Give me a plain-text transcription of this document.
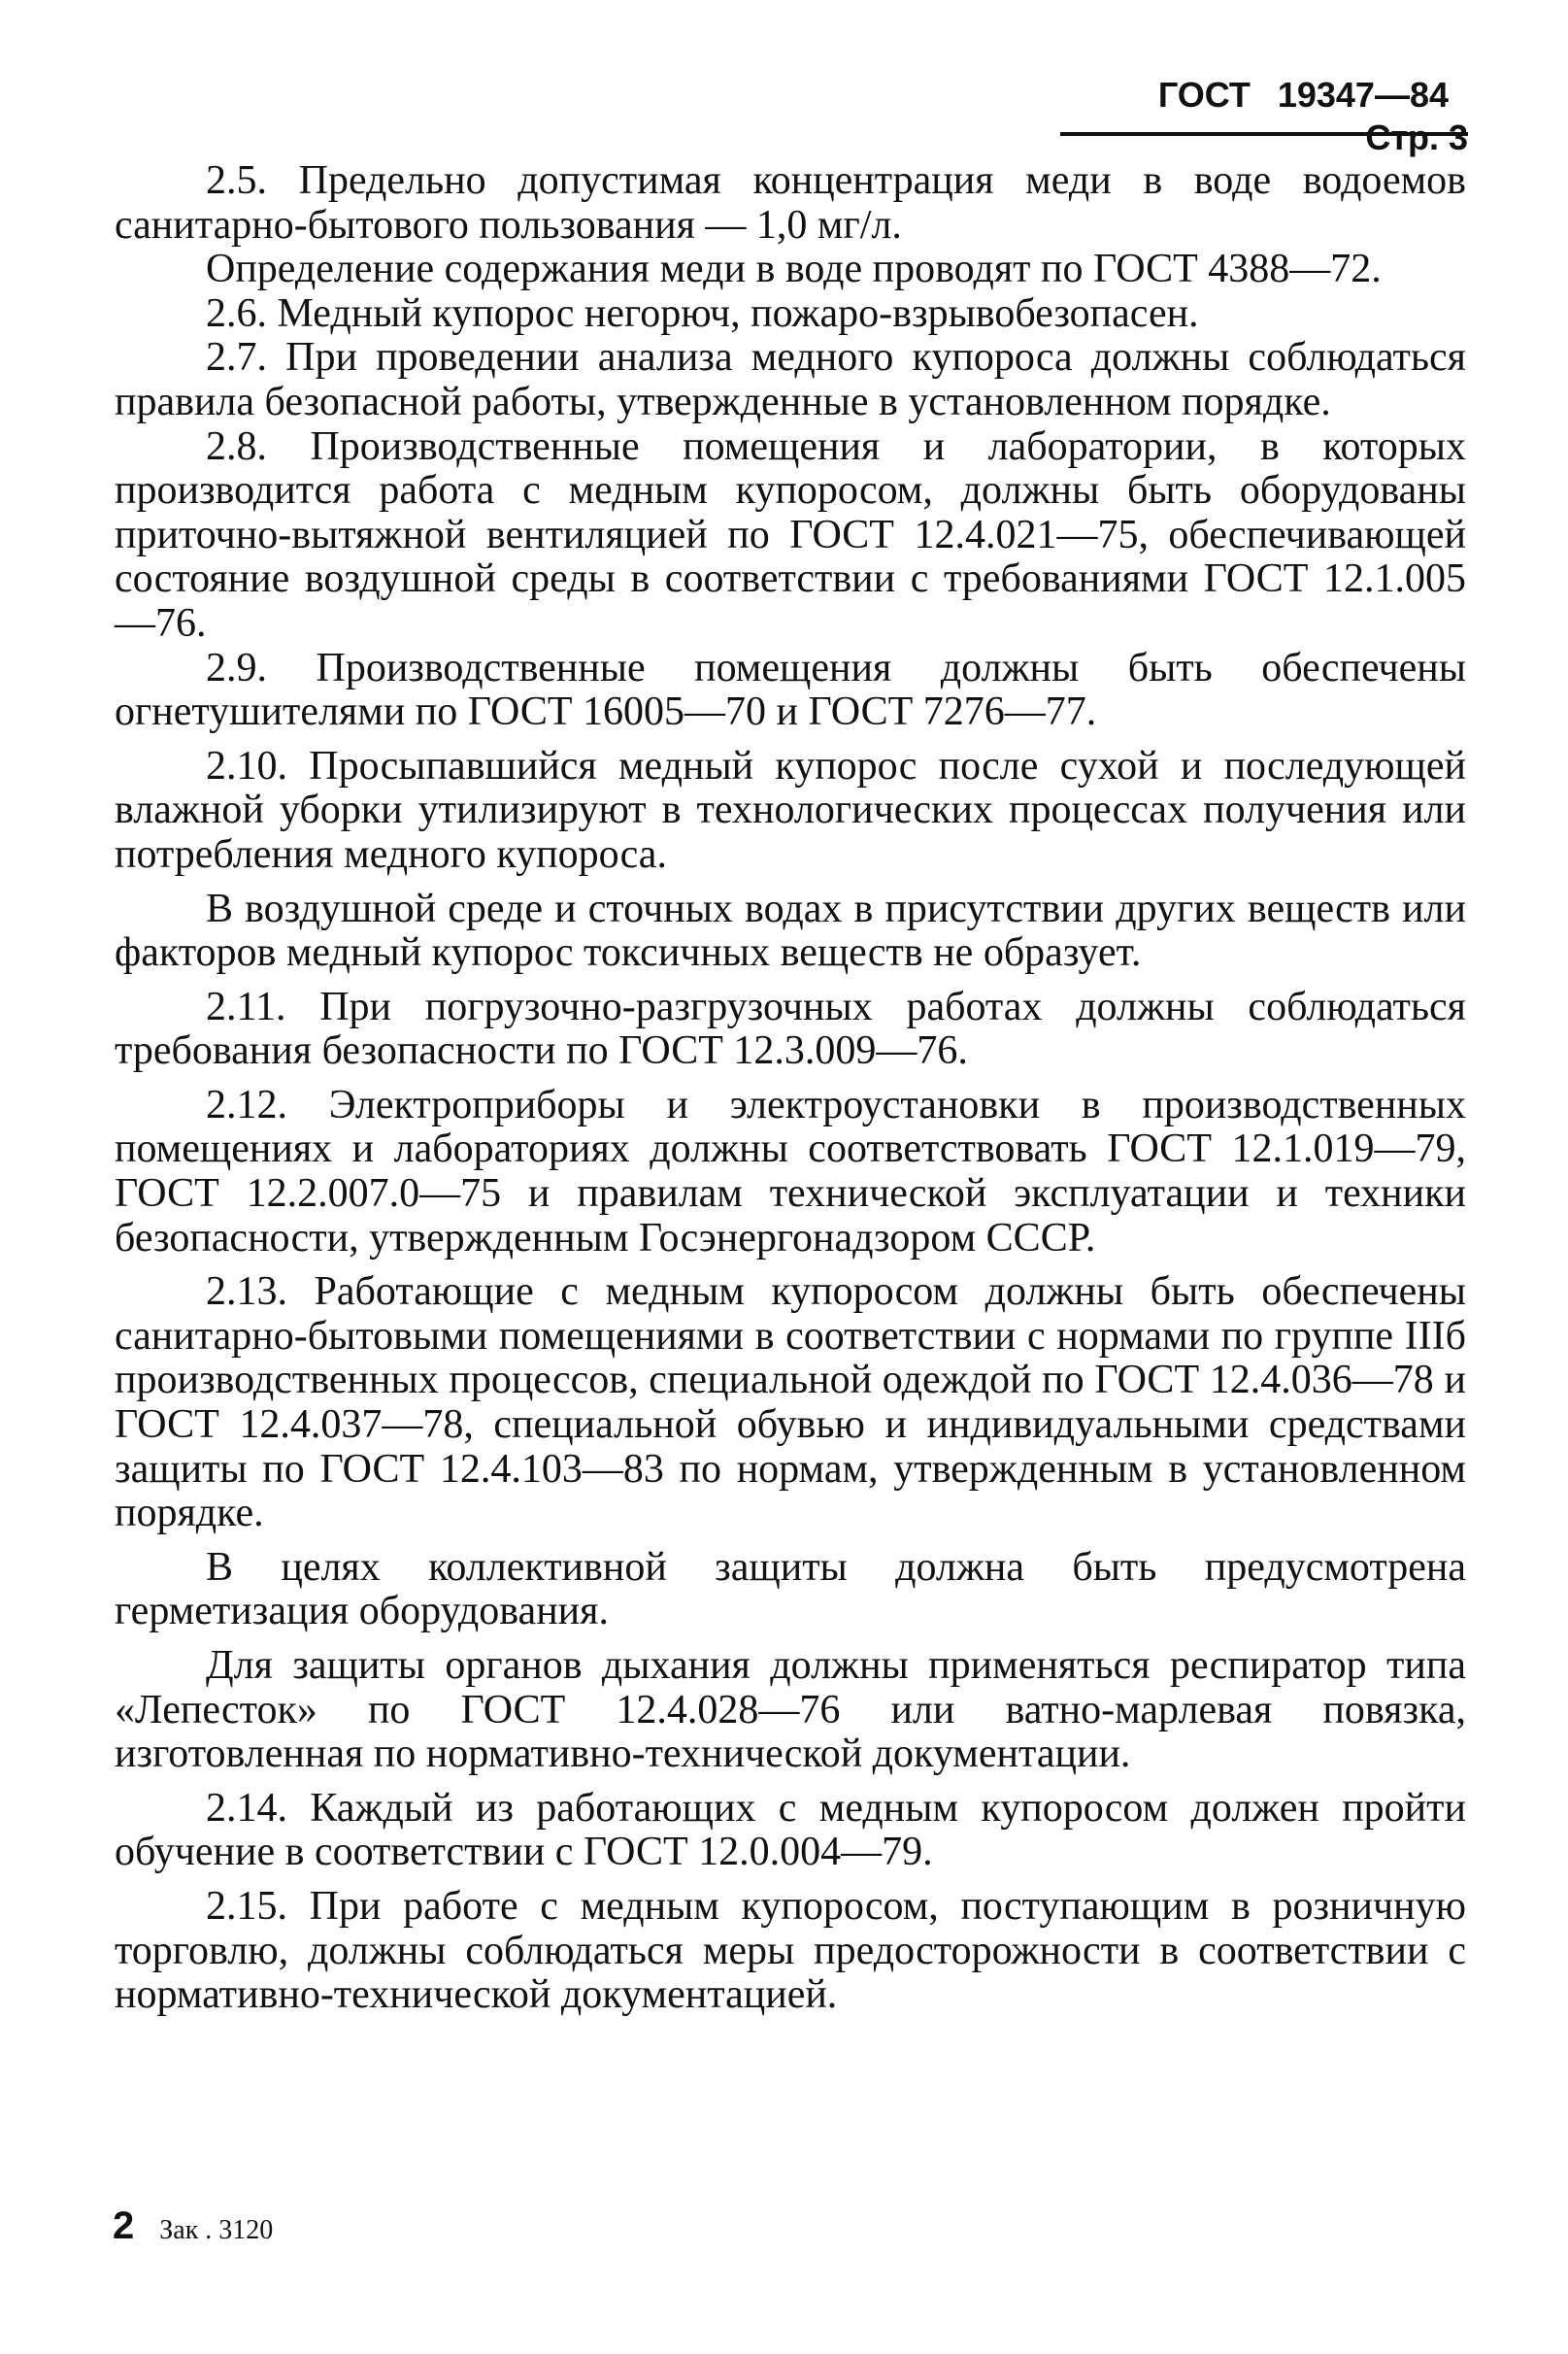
ГОСТ 19347—84Стр. 3

2.5. Предельно допустимая концентрация меди в воде водоемов санитарно-бытового пользования — 1,0 мг/л.

Определение содержания меди в воде проводят по ГОСТ 4388—72.

2.6. Медный купорос негорюч, пожаро-взрывобезопасен.

2.7. При проведении анализа медного купороса должны соблюдаться правила безопасной работы, утвержденные в установленном порядке.

2.8. Производственные помещения и лаборатории, в которых производится работа с медным купоросом, должны быть оборудованы приточно-вытяжной вентиляцией по ГОСТ 12.4.021—75, обеспечивающей состояние воздушной среды в соответствии с требованиями ГОСТ 12.1.005—76.

2.9. Производственные помещения должны быть обеспечены огнетушителями по ГОСТ 16005—70 и ГОСТ 7276—77.

2.10. Просыпавшийся медный купорос после сухой и последующей влажной уборки утилизируют в технологических процессах получения или потребления медного купороса.

В воздушной среде и сточных водах в присутствии других веществ или факторов медный купорос токсичных веществ не образует.

2.11. При погрузочно-разгрузочных работах должны соблюдаться требования безопасности по ГОСТ 12.3.009—76.

2.12. Электроприборы и электроустановки в производственных помещениях и лабораториях должны соответствовать ГОСТ 12.1.019—79, ГОСТ 12.2.007.0—75 и правилам технической эксплуатации и техники безопасности, утвержденным Госэнергонадзором СССР.

2.13. Работающие с медным купоросом должны быть обеспечены санитарно-бытовыми помещениями в соответствии с нормами по группе IIIб производственных процессов, специальной одеждой по ГОСТ 12.4.036—78 и ГОСТ 12.4.037—78, специальной обувью и индивидуальными средствами защиты по ГОСТ 12.4.103—83 по нормам, утвержденным в установленном порядке.

В целях коллективной защиты должна быть предусмотрена герметизация оборудования.

Для защиты органов дыхания должны применяться респиратор типа «Лепесток» по ГОСТ 12.4.028—76 или ватно-марлевая повязка, изготовленная по нормативно-технической документации.

2.14. Каждый из работающих с медным купоросом должен пройти обучение в соответствии с ГОСТ 12.0.004—79.

2.15. При работе с медным купоросом, поступающим в розничную торговлю, должны соблюдаться меры предосторожности в соответствии с нормативно-технической документацией.

2 Зак . 3120
